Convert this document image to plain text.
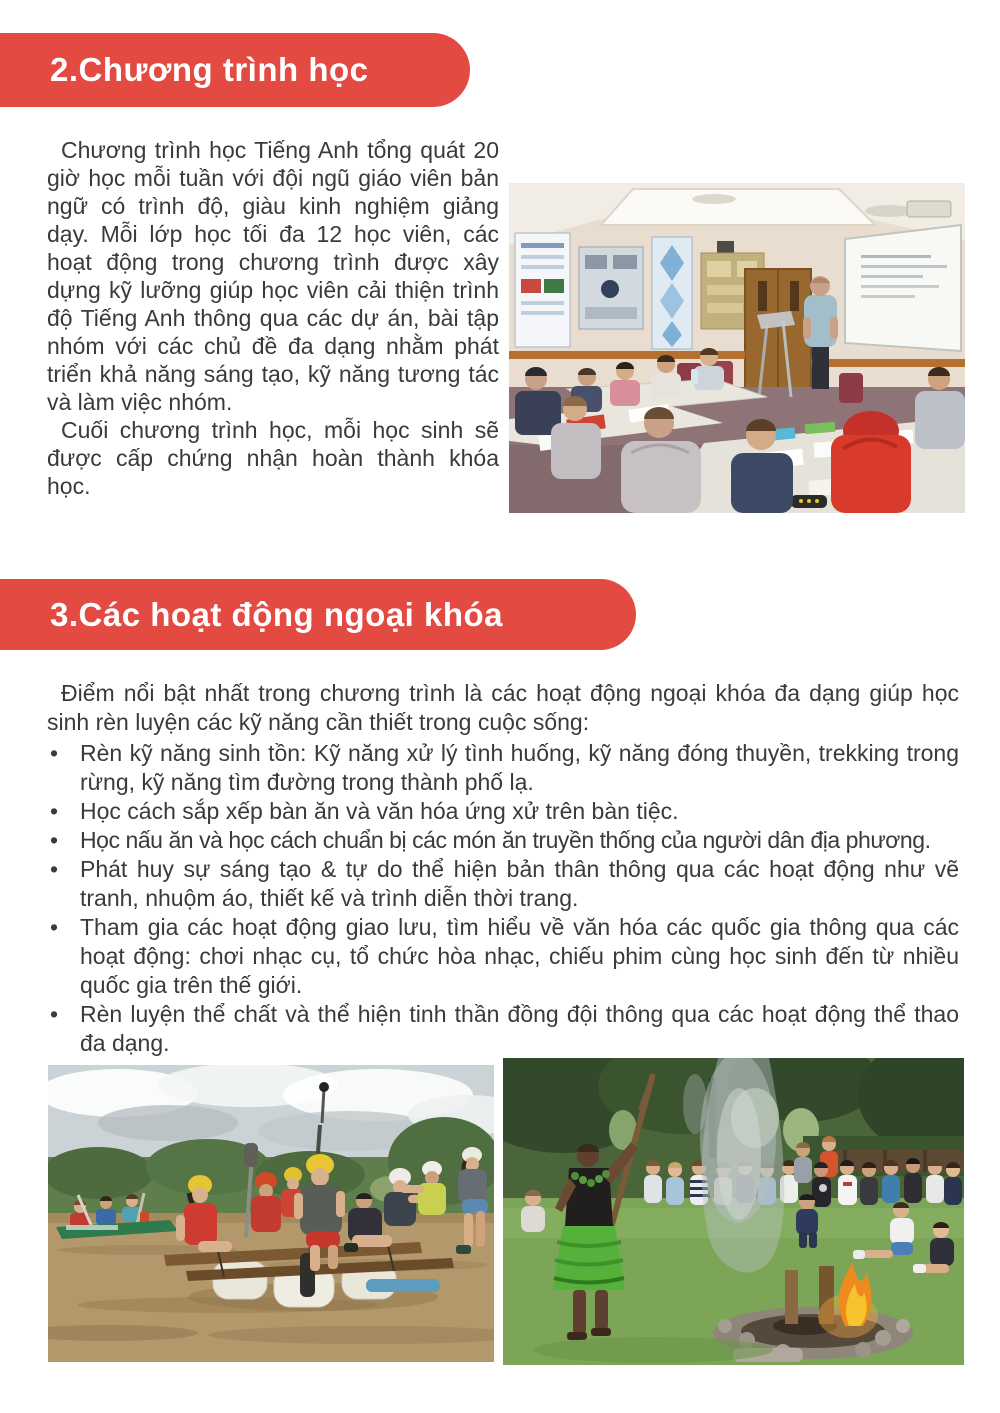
2.Chương trình học

Chương trình học Tiếng Anh tổng quát 20 giờ học mỗi tuần với đội ngũ giáo viên bản ngữ có trình độ, giàu kinh nghiệm giảng dạy. Mỗi lớp học tối đa 12 học viên, các hoạt động trong chương trình được xây dựng kỹ lưỡng giúp học viên cải thiện trình độ Tiếng Anh thông qua các dự án, bài tập nhóm với các chủ đề đa dạng nhằm phát triển khả năng sáng tạo, kỹ năng tương tác và làm việc nhóm.

Cuối chương trình học, mỗi học sinh sẽ được cấp chứng nhận hoàn thành khóa học.

3.Các hoạt động ngoại khóa

Điểm nổi bật nhất trong chương trình là các hoạt động ngoại khóa đa dạng giúp học sinh rèn luyện các kỹ năng cần thiết trong cuộc sống:

• Rèn kỹ năng sinh tồn: Kỹ năng xử lý tình huống, kỹ năng đóng thuyền, trekking trong rừng, kỹ năng tìm đường trong thành phố lạ.
• Học cách sắp xếp bàn ăn và văn hóa ứng xử trên bàn tiệc.
• Học nấu ăn và học cách chuẩn bị các món ăn truyền thống của người dân địa phương.
• Phát huy sự sáng tạo & tự do thể hiện bản thân thông qua các hoạt động như vẽ tranh, nhuộm áo, thiết kế và trình diễn thời trang.
• Tham gia các hoạt động giao lưu, tìm hiểu về văn hóa các quốc gia thông qua các hoạt động: chơi nhạc cụ, tổ chức hòa nhạc, chiếu phim cùng học sinh đến từ nhiều quốc gia trên thế giới.
• Rèn luyện thể chất và thể hiện tinh thần đồng đội thông qua các hoạt động thể thao đa dạng.
